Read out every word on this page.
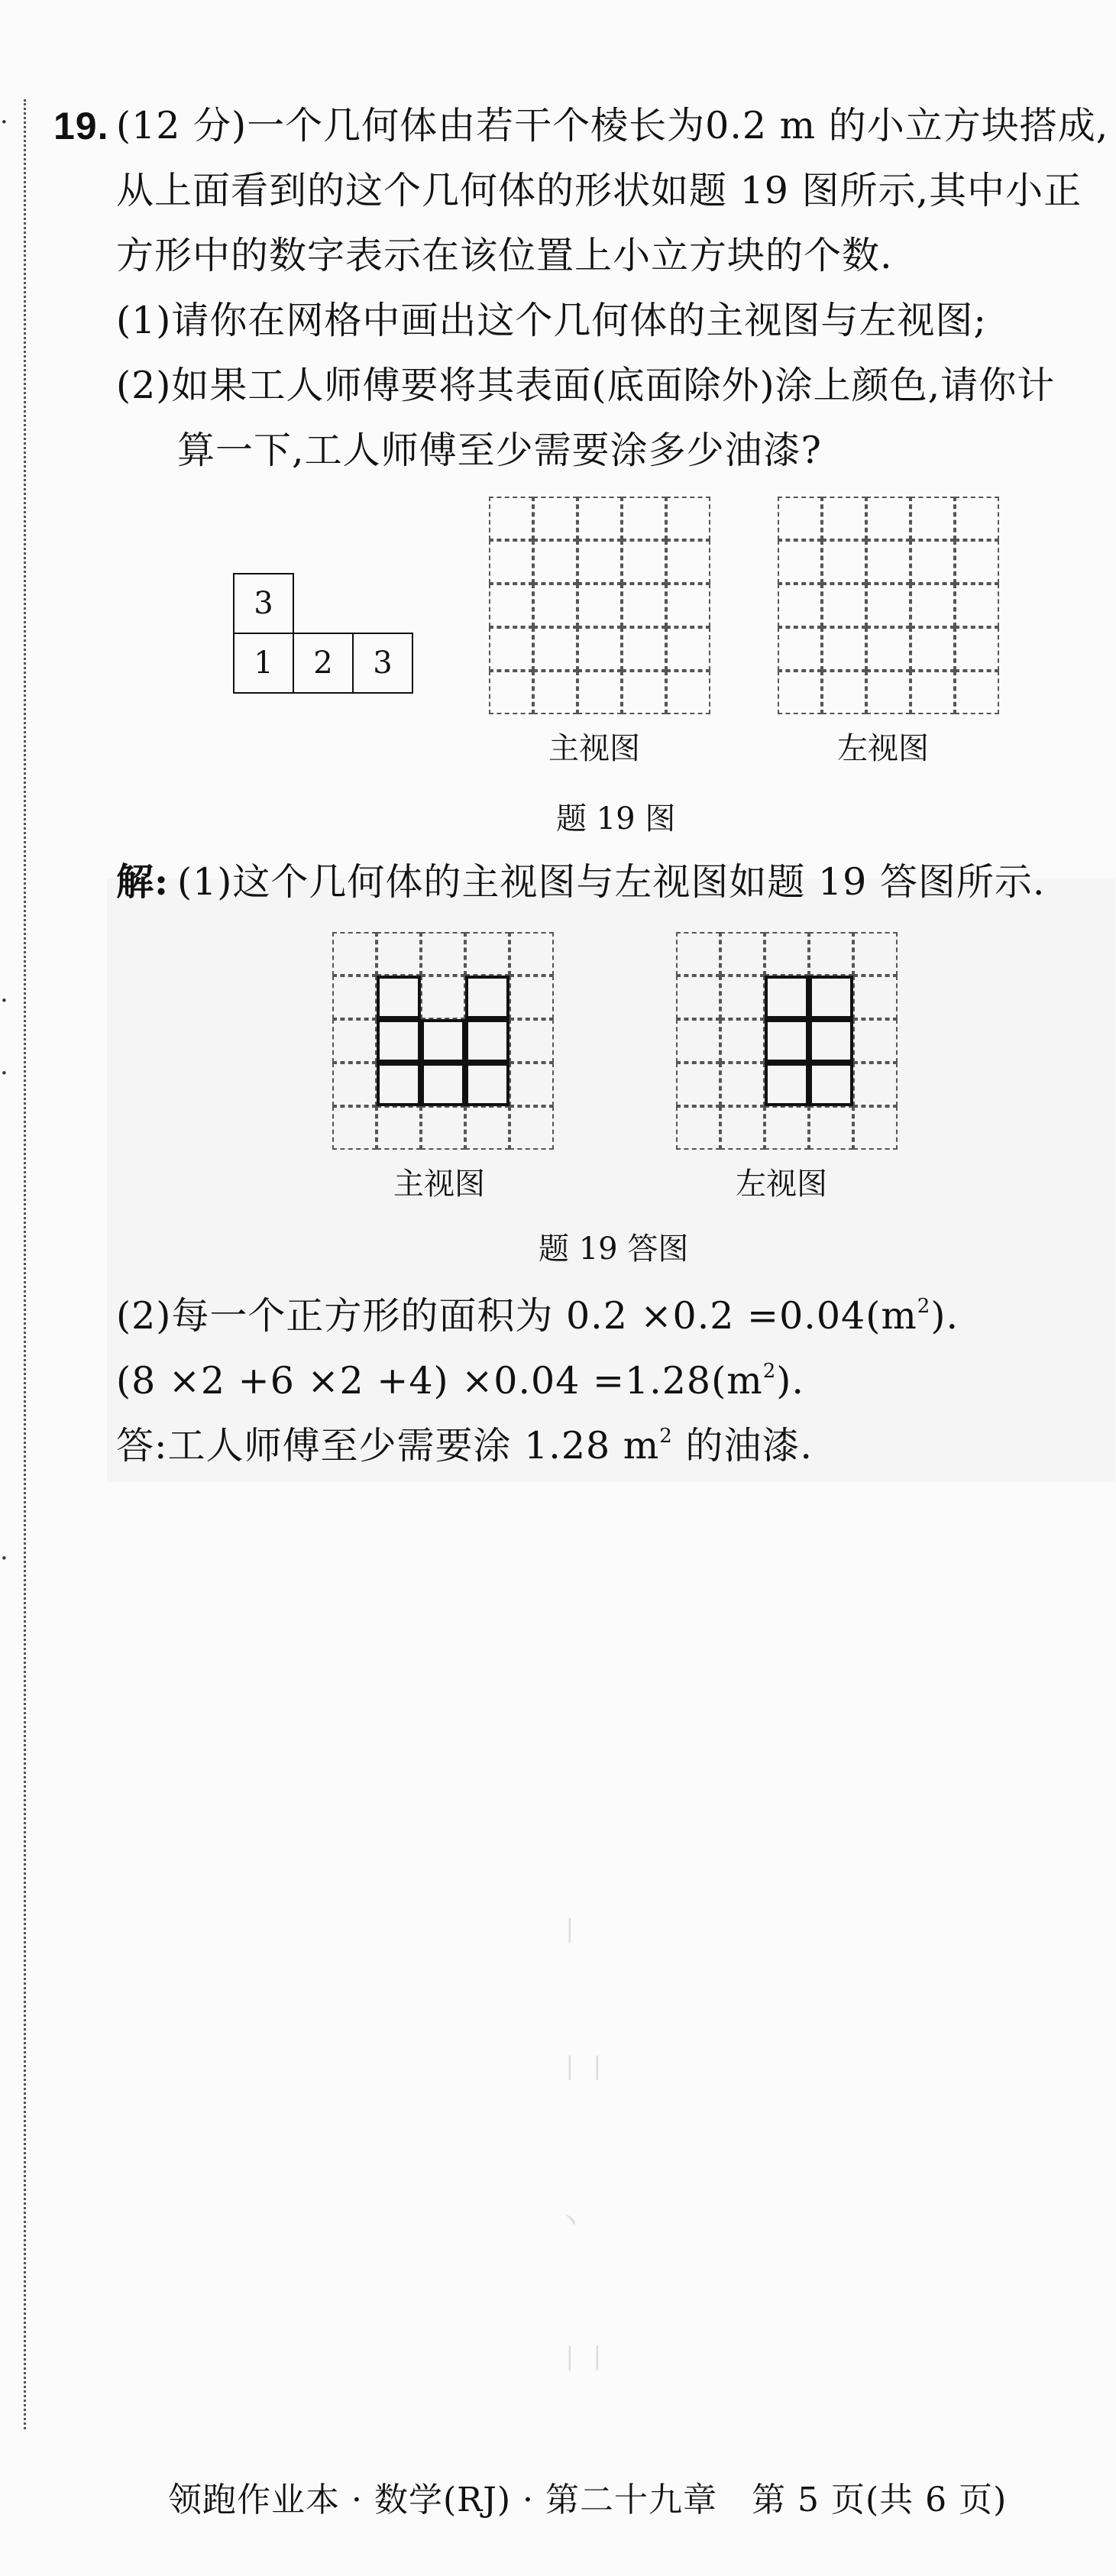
·
·
·
·
19. (12 分)一个几何体由若干个棱长为0.2 m 的小立方块搭成,
从上面看到的这个几何体的形状如题 19 图所示,其中小正
方形中的数字表示在该位置上小立方块的个数.
(1)请你在网格中画出这个几何体的主视图与左视图;
(2)如果工人师傅要将其表面(底面除外)涂上颜色,请你计
算一下,工人师傅至少需要涂多少油漆?
3
1	2	3
主视图	左视图
题 19 图
解: (1)这个几何体的主视图与左视图如题 19 答图所示.
主视图	左视图
题 19 答图
(2)每一个正方形的面积为 $0.2 \times 0.2 =0.04(m^2)$.
$(8 \times 2 +6 \times 2 +4) \times 0.04 =1.28(m^2)$.
答:工人师傅至少需要涂 1.28 $m^2$ 的油漆.
丨
丨丨
丶
丨丨
领跑作业本 · 数学(RJ) · 第二十九章　第 5 页(共 6 页)
